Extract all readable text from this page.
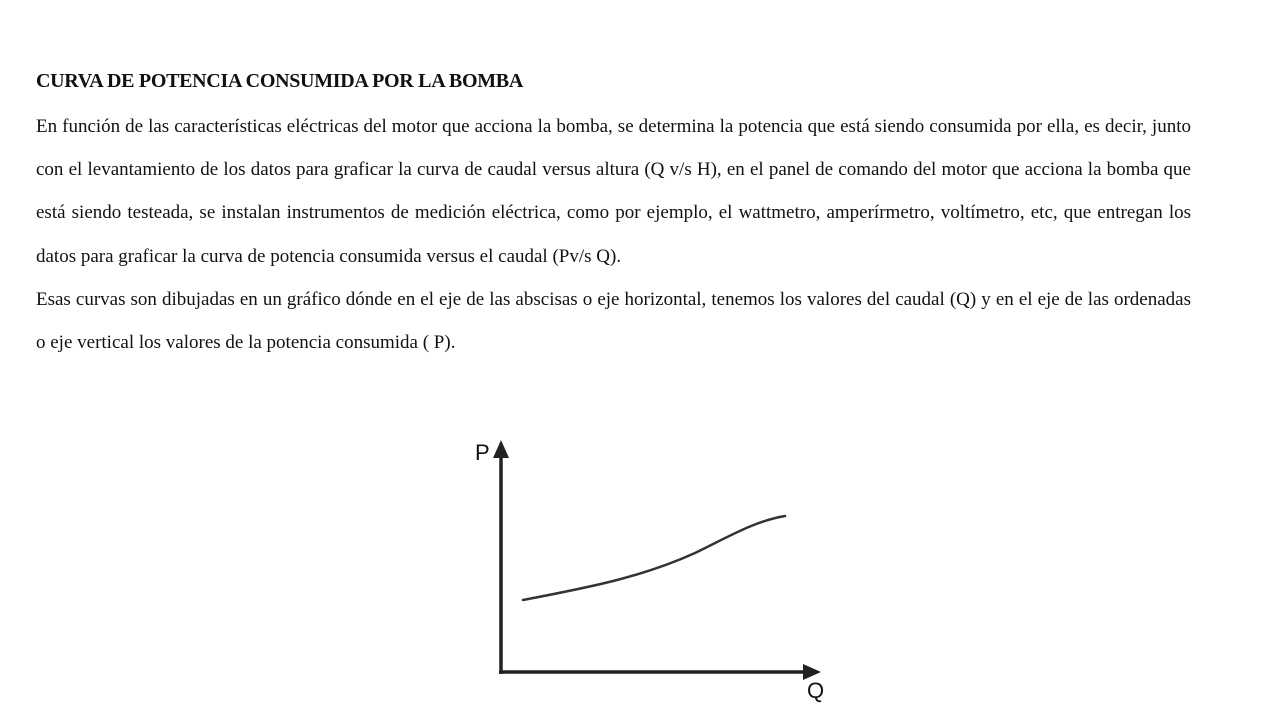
CURVA DE POTENCIA CONSUMIDA POR LA BOMBA

En función de las características eléctricas del motor que acciona la bomba, se determina la potencia que está siendo consumida por ella, es decir, junto con el levantamiento de los datos para graficar la curva de caudal versus altura (Q v/s H), en el panel de comando del motor que acciona la bomba que está siendo testeada, se instalan instrumentos de medición eléctrica, como por ejemplo, el wattmetro, amperírmetro, voltímetro, etc, que entregan los datos para graficar la curva de potencia consumida versus el caudal (Pv/s Q).

Esas curvas son dibujadas en un gráfico dónde en el eje de las abscisas o eje horizontal, tenemos los valores del caudal (Q) y en el eje de las ordenadas o eje vertical los valores de la potencia consumida ( P).

P
Q
